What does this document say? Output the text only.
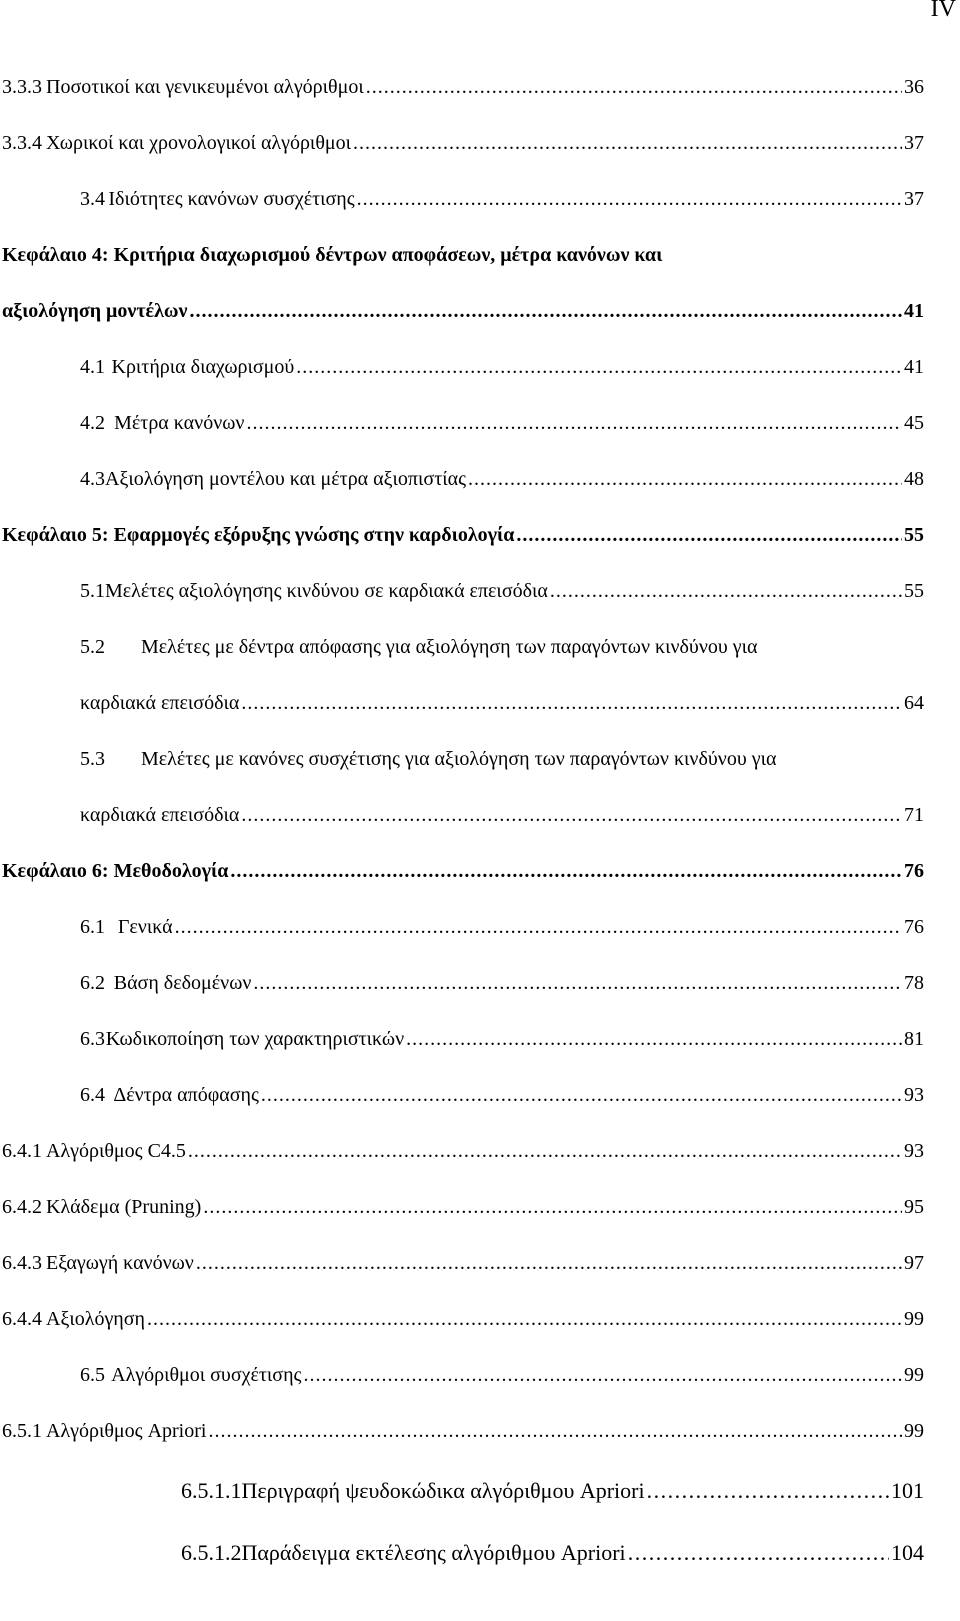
IV
3.3.3 Ποσοτικοί και γενικευμένοι αλγόριθμοι . . .	36
3.3.4 Χωρικοί και χρονολογικοί αλγόριθμοι . . .	37
3.4 Ιδιότητες κανόνων συσχέτισης . . .	37
Κεφάλαιο 4: Κριτήρια διαχωρισμού δέντρων αποφάσεων, μέτρα κανόνων και
αξιολόγηση μοντέλων . . .	41
4.1 Κριτήρια διαχωρισμού . . .	41
4.2 Μέτρα κανόνων . . .	45
4.3 Αξιολόγηση μοντέλου και μέτρα αξιοπιστίας . . .	48
Κεφάλαιο 5: Εφαρμογές εξόρυξης γνώσης στην καρδιολογία . . .	55
5.1 Μελέτες αξιολόγησης κινδύνου σε καρδιακά επεισόδια . . .	55
5.2 Μελέτες με δέντρα απόφασης για αξιολόγηση των παραγόντων κινδύνου για
καρδιακά επεισόδια . . .	64
5.3 Μελέτες με κανόνες συσχέτισης για αξιολόγηση των παραγόντων κινδύνου για
καρδιακά επεισόδια . . .	71
Κεφάλαιο 6: Μεθοδολογία . . .	76
6.1 Γενικά . . .	76
6.2 Βάση δεδομένων . . .	78
6.3 Κωδικοποίηση των χαρακτηριστικών . . .	81
6.4 Δέντρα απόφασης . . .	93
6.4.1 Αλγόριθμος C4.5 . . .	93
6.4.2 Κλάδεμα (Pruning) . . .	95
6.4.3 Εξαγωγή κανόνων . . .	97
6.4.4 Αξιολόγηση . . .	99
6.5 Αλγόριθμοι συσχέτισης . . .	99
6.5.1 Αλγόριθμος Apriori . . .	99
6.5.1.1 Περιγραφή ψευδοκώδικα αλγόριθμου Apriori . . .	101
6.5.1.2 Παράδειγμα εκτέλεσης αλγόριθμου Apriori . . .	104
